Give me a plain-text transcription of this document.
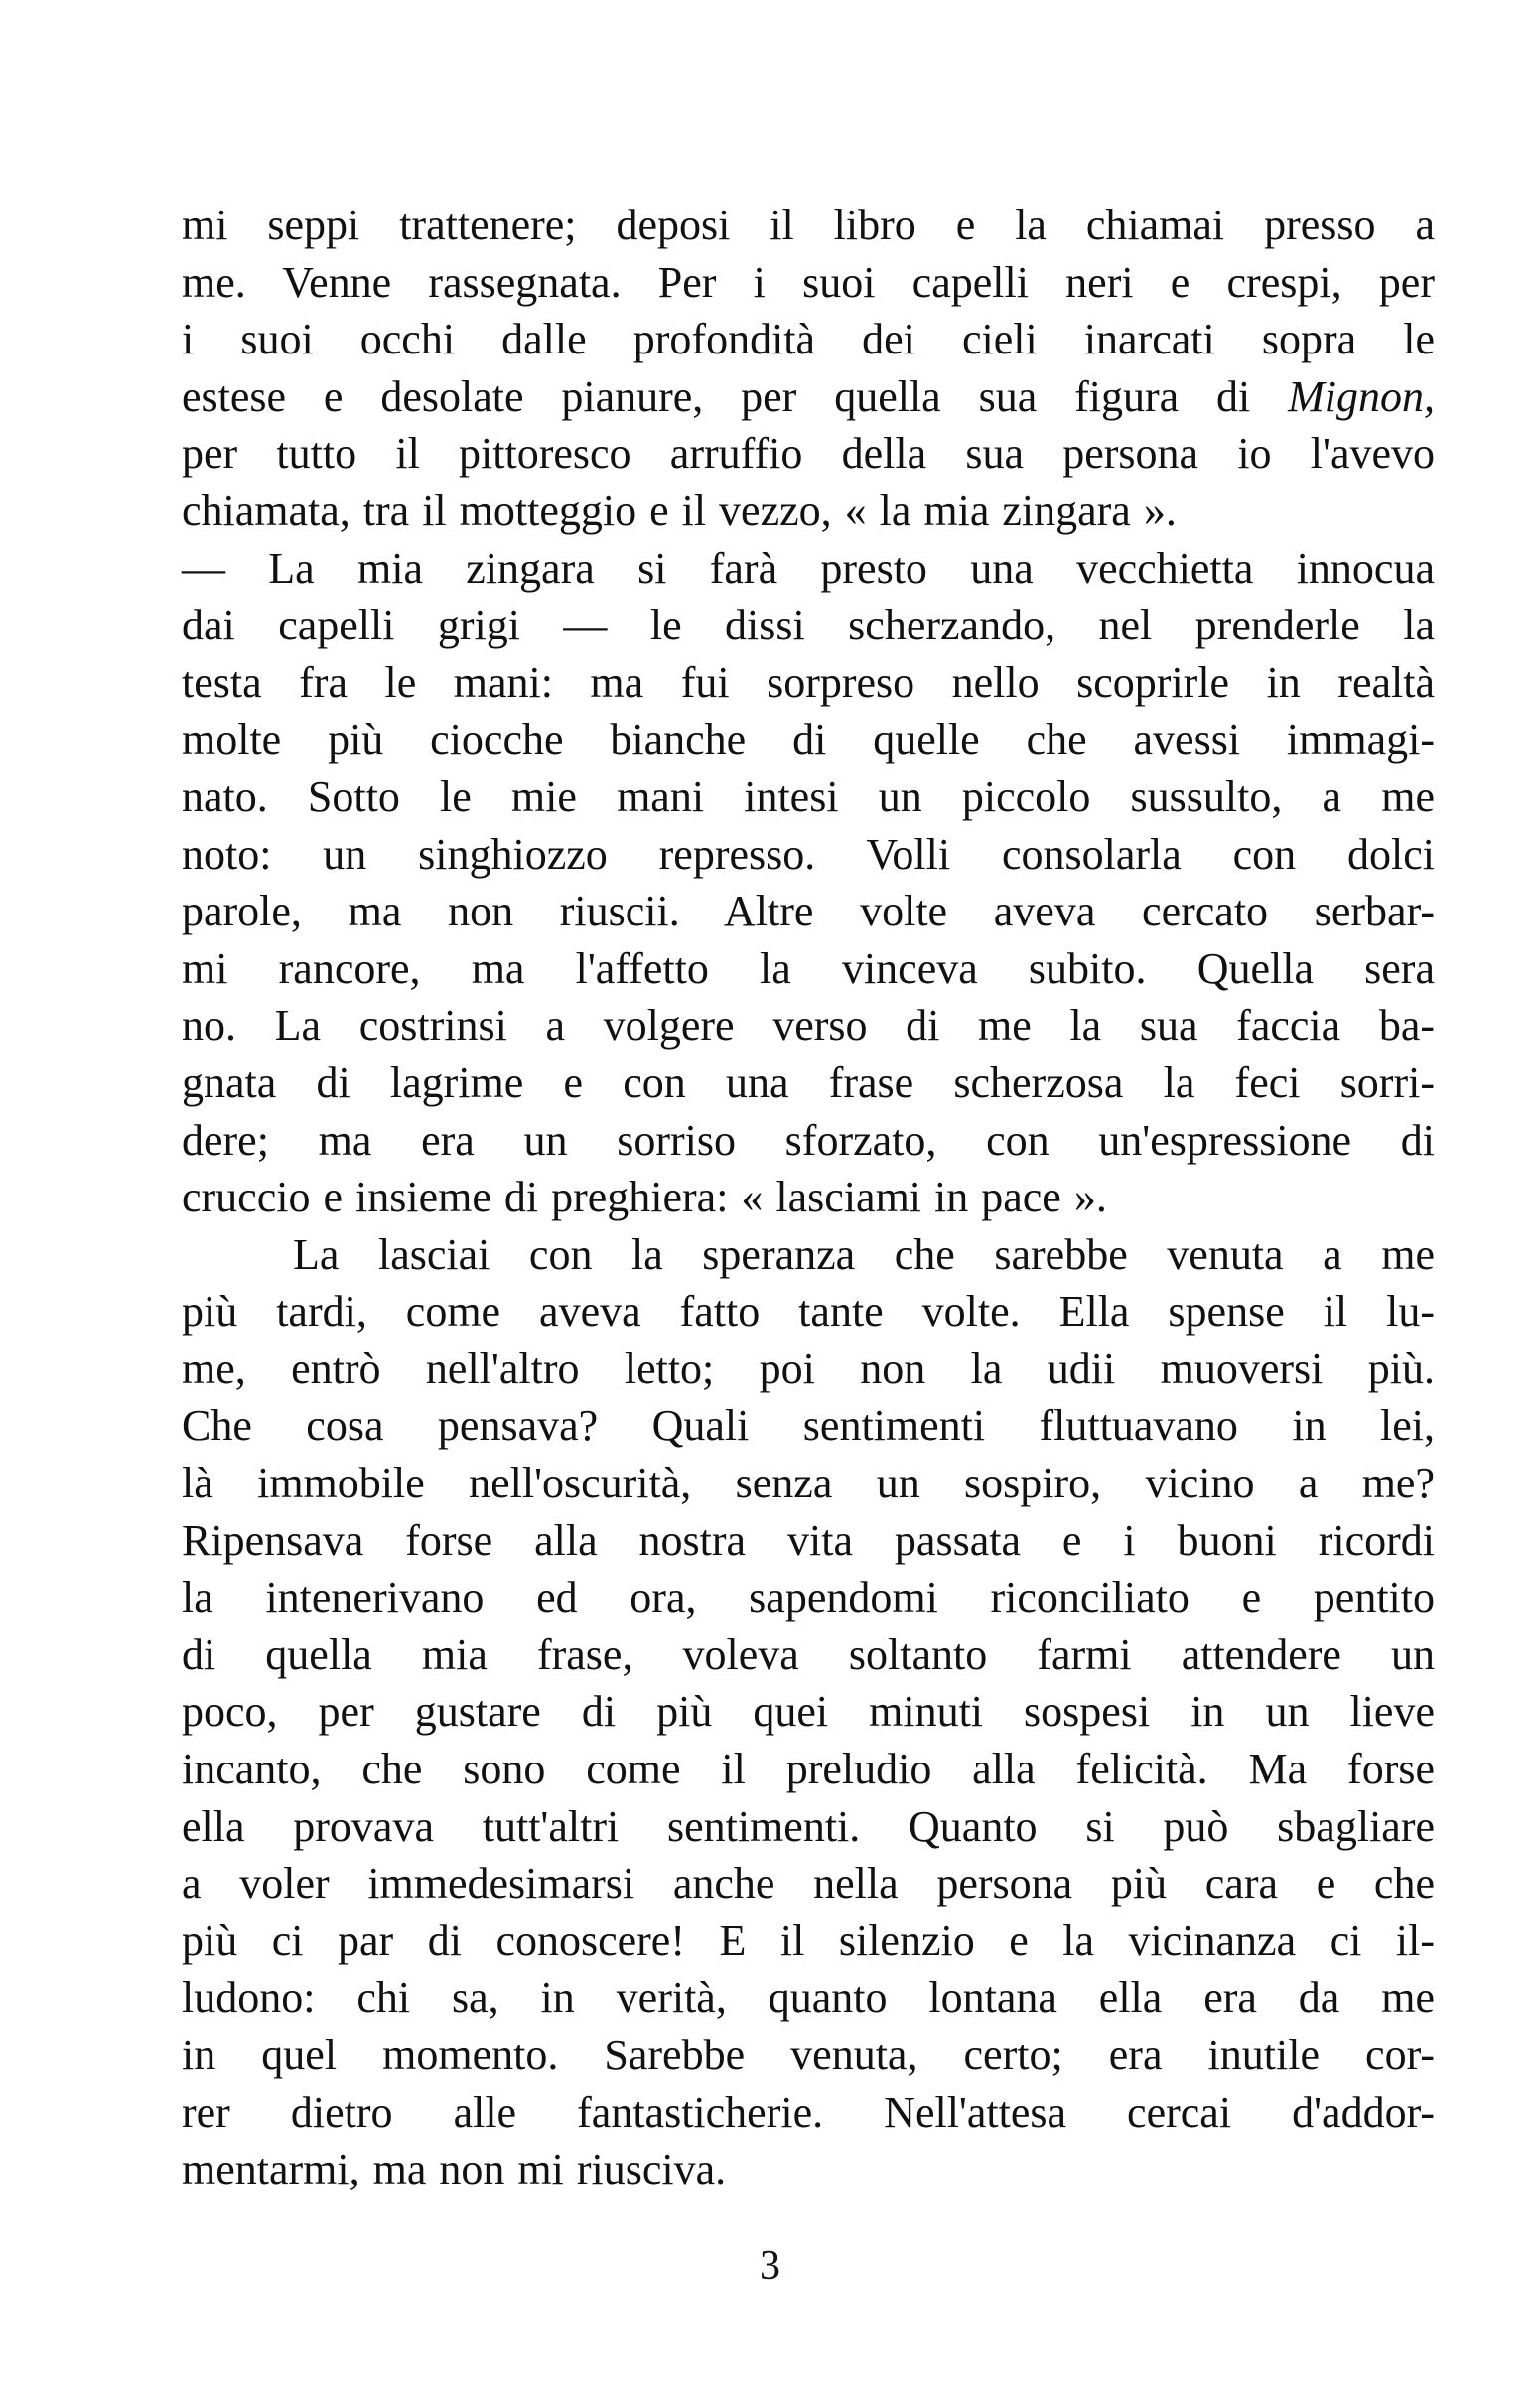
mi seppi trattenere; deposi il libro e la chiamai presso a
me. Venne rassegnata. Per i suoi capelli neri e crespi, per
i suoi occhi dalle profondità dei cieli inarcati sopra le
estese e desolate pianure, per quella sua figura di Mignon,
per tutto il pittoresco arruffio della sua persona io l'avevo
chiamata, tra il motteggio e il vezzo, « la mia zingara ».
— La mia zingara si farà presto una vecchietta innocua
dai capelli grigi — le dissi scherzando, nel prenderle la
testa fra le mani: ma fui sorpreso nello scoprirle in realtà
molte più ciocche bianche di quelle che avessi immagi-
nato. Sotto le mie mani intesi un piccolo sussulto, a me
noto: un singhiozzo represso. Volli consolarla con dolci
parole, ma non riuscii. Altre volte aveva cercato serbar-
mi rancore, ma l'affetto la vinceva subito. Quella sera
no. La costrinsi a volgere verso di me la sua faccia ba-
gnata di lagrime e con una frase scherzosa la feci sorri-
dere; ma era un sorriso sforzato, con un'espressione di
cruccio e insieme di preghiera: « lasciami in pace ».
La lasciai con la speranza che sarebbe venuta a me
più tardi, come aveva fatto tante volte. Ella spense il lu-
me, entrò nell'altro letto; poi non la udii muoversi più.
Che cosa pensava? Quali sentimenti fluttuavano in lei,
là immobile nell'oscurità, senza un sospiro, vicino a me?
Ripensava forse alla nostra vita passata e i buoni ricordi
la intenerivano ed ora, sapendomi riconciliato e pentito
di quella mia frase, voleva soltanto farmi attendere un
poco, per gustare di più quei minuti sospesi in un lieve
incanto, che sono come il preludio alla felicità. Ma forse
ella provava tutt'altri sentimenti. Quanto si può sbagliare
a voler immedesimarsi anche nella persona più cara e che
più ci par di conoscere! E il silenzio e la vicinanza ci il-
ludono: chi sa, in verità, quanto lontana ella era da me
in quel momento. Sarebbe venuta, certo; era inutile cor-
rer dietro alle fantasticherie. Nell'attesa cercai d'addor-
mentarmi, ma non mi riusciva.
3
